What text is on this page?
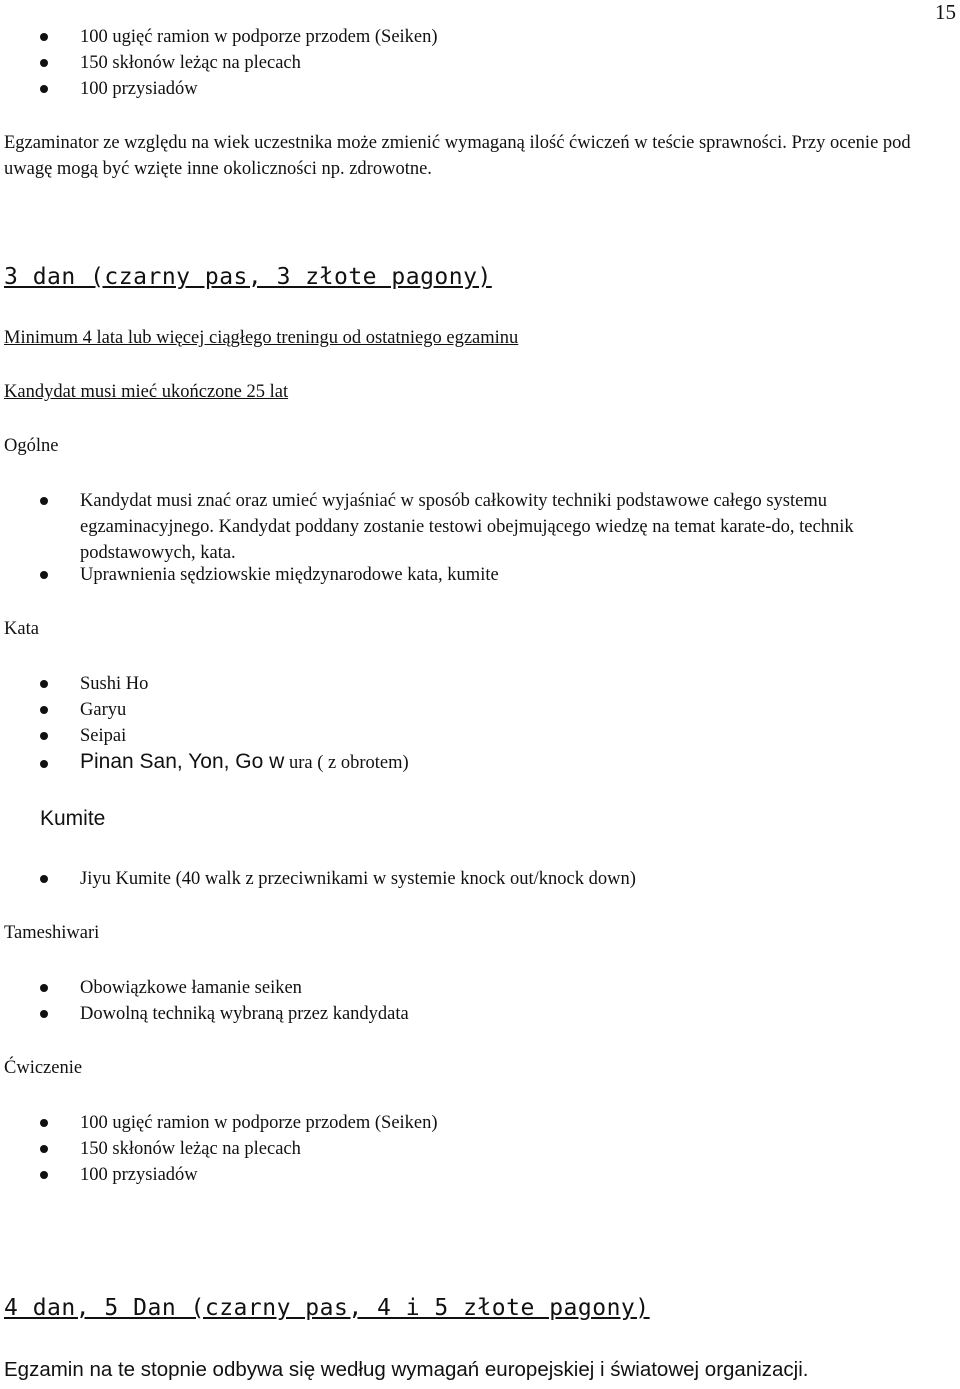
15
100 ugięć ramion w podporze przodem (Seiken)
150 skłonów leżąc na plecach
100 przysiadów
Egzaminator ze względu na wiek uczestnika może zmienić wymaganą ilość ćwiczeń w teście sprawności. Przy ocenie pod uwagę mogą być wzięte inne okoliczności np. zdrowotne.
3 dan (czarny pas, 3 złote pagony)
Minimum 4 lata lub więcej ciągłego treningu od ostatniego egzaminu
Kandydat musi mieć ukończone 25 lat
Ogólne
Kandydat musi znać oraz umieć wyjaśniać w sposób całkowity techniki podstawowe całego systemu egzaminacyjnego. Kandydat poddany zostanie testowi obejmującego wiedzę na temat karate-do, technik podstawowych, kata.
Uprawnienia sędziowskie międzynarodowe kata, kumite
Kata
Sushi Ho
Garyu
Seipai
Pinan San, Yon, Go w ura ( z obrotem)
Kumite
Jiyu Kumite (40 walk z przeciwnikami w systemie knock out/knock down)
Tameshiwari
Obowiązkowe łamanie seiken
Dowolną techniką wybraną przez kandydata
Ćwiczenie
100 ugięć ramion w podporze przodem (Seiken)
150 skłonów leżąc na plecach
100 przysiadów
4 dan, 5 Dan (czarny pas, 4 i 5 złote pagony)
Egzamin na te stopnie odbywa się według wymagań europejskiej i światowej organizacji.
